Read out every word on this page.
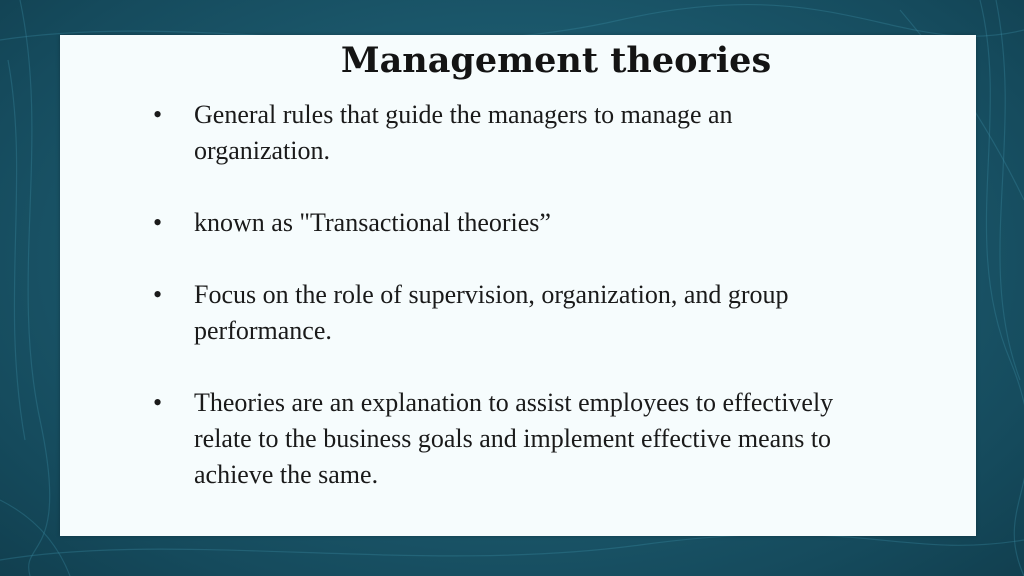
Management theories
• General rules that guide the managers to manage an organization.
• known as "Transactional theories”
• Focus on the role of supervision, organization, and group performance.
• Theories are an explanation to assist employees to effectively relate to the business goals and implement effective means to achieve the same.
